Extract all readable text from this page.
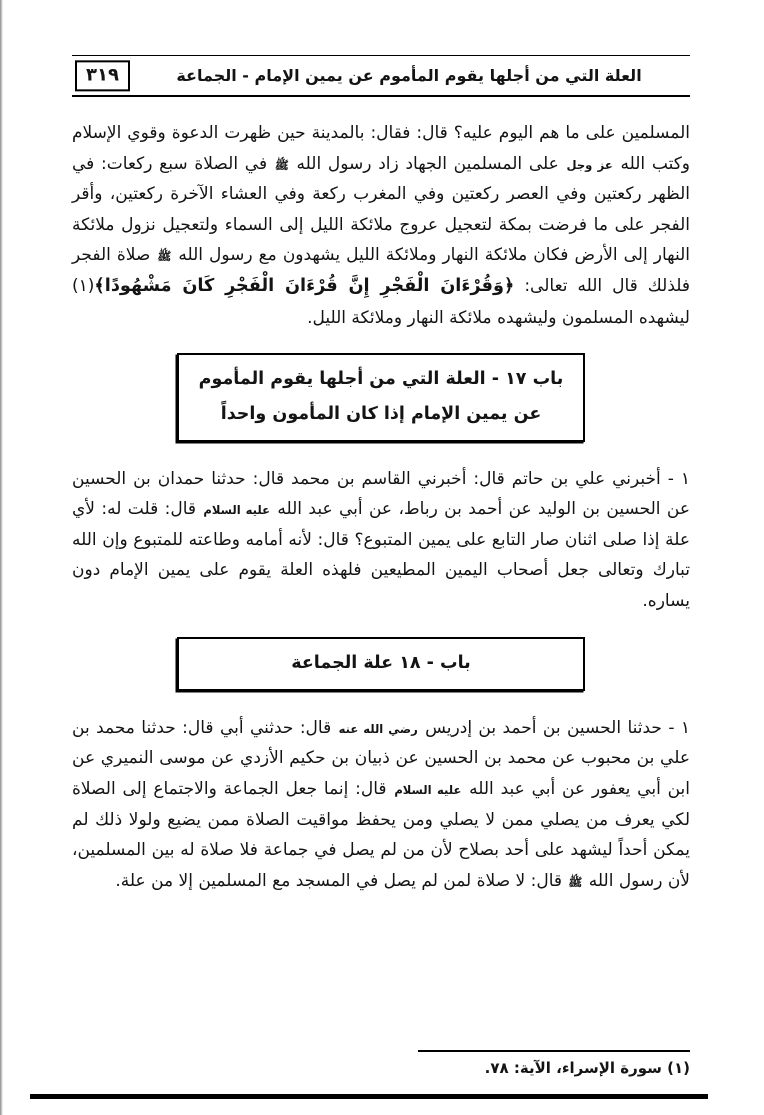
٣١٩	العلة التي من أجلها يقوم المأموم عن يمين الإمام - الجماعة

المسلمين على ما هم اليوم عليه؟ قال: فقال: بالمدينة حين ظهرت الدعوة وقوي الإسلام وكتب الله عز وجل على المسلمين الجهاد زاد رسول الله ﷺ في الصلاة سبع ركعات: في الظهر ركعتين وفي العصر ركعتين وفي المغرب ركعة وفي العشاء الآخرة ركعتين، وأقر الفجر على ما فرضت بمكة لتعجيل عروج ملائكة الليل إلى السماء ولتعجيل نزول ملائكة النهار إلى الأرض فكان ملائكة النهار وملائكة الليل يشهدون مع رسول الله ﷺ صلاة الفجر فلذلك قال الله تعالى: ﴿وَقُرْءَانَ الْفَجْرِ إِنَّ قُرْءَانَ الْفَجْرِ كَانَ مَشْهُودًا﴾(١) ليشهده المسلمون وليشهده ملائكة النهار وملائكة الليل.

باب ١٧ - العلة التي من أجلها يقوم المأموم
عن يمين الإمام إذا كان المأمون واحداً

١ - أخبرني علي بن حاتم قال: أخبرني القاسم بن محمد قال: حدثنا حمدان بن الحسين عن الحسين بن الوليد عن أحمد بن رباط، عن أبي عبد الله عليه السلام قال: قلت له: لأي علة إذا صلى اثنان صار التابع على يمين المتبوع؟ قال: لأنه أمامه وطاعته للمتبوع وإن الله تبارك وتعالى جعل أصحاب اليمين المطيعين فلهذه العلة يقوم على يمين الإمام دون يساره.

باب - ١٨ علة الجماعة

١ - حدثنا الحسين بن أحمد بن إدريس رضي الله عنه قال: حدثني أبي قال: حدثنا محمد بن علي بن محبوب عن محمد بن الحسين عن ذبيان بن حكيم الأزدي عن موسى النميري عن ابن أبي يعفور عن أبي عبد الله عليه السلام قال: إنما جعل الجماعة والاجتماع إلى الصلاة لكي يعرف من يصلي ممن لا يصلي ومن يحفظ مواقيت الصلاة ممن يضيع ولولا ذلك لم يمكن أحداً ليشهد على أحد بصلاح لأن من لم يصل في جماعة فلا صلاة له بين المسلمين، لأن رسول الله ﷺ قال: لا صلاة لمن لم يصل في المسجد مع المسلمين إلا من علة.

(١) سورة الإسراء، الآية: ٧٨.
